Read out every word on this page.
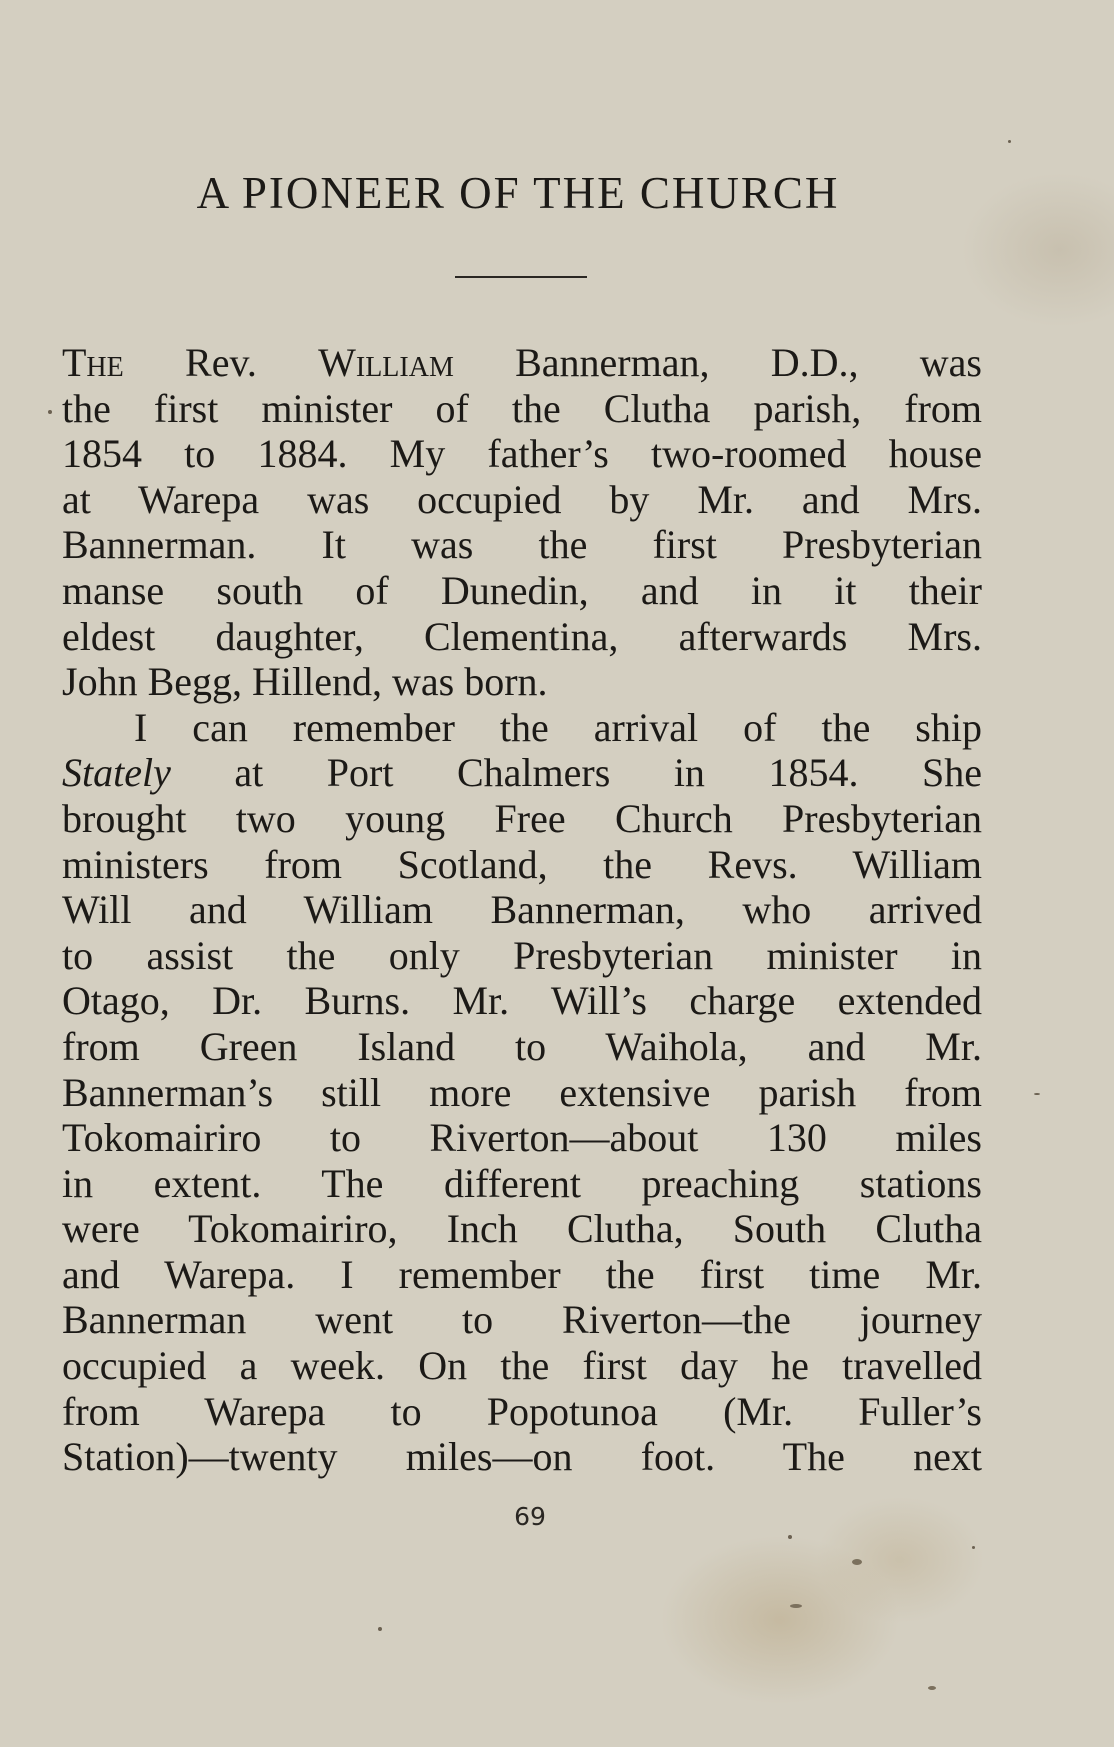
A PIONEER OF THE CHURCH
The Rev. William Bannerman, D.D., was
the first minister of the Clutha parish, from
1854 to 1884. My father’s two-roomed house
at Warepa was occupied by Mr. and Mrs.
Bannerman. It was the first Presbyterian
manse south of Dunedin, and in it their
eldest daughter, Clementina, afterwards Mrs.
John Begg, Hillend, was born.
I can remember the arrival of the ship
Stately at Port Chalmers in 1854. She
brought two young Free Church Presbyterian
ministers from Scotland, the Revs. William
Will and William Bannerman, who arrived
to assist the only Presbyterian minister in
Otago, Dr. Burns. Mr. Will’s charge extended
from Green Island to Waihola, and Mr.
Bannerman’s still more extensive parish from
Tokomairiro to Riverton—about 130 miles
in extent. The different preaching stations
were Tokomairiro, Inch Clutha, South Clutha
and Warepa. I remember the first time Mr.
Bannerman went to Riverton—the journey
occupied a week. On the first day he travelled
from Warepa to Popotunoa (Mr. Fuller’s
Station)—twenty miles—on foot. The next
69
